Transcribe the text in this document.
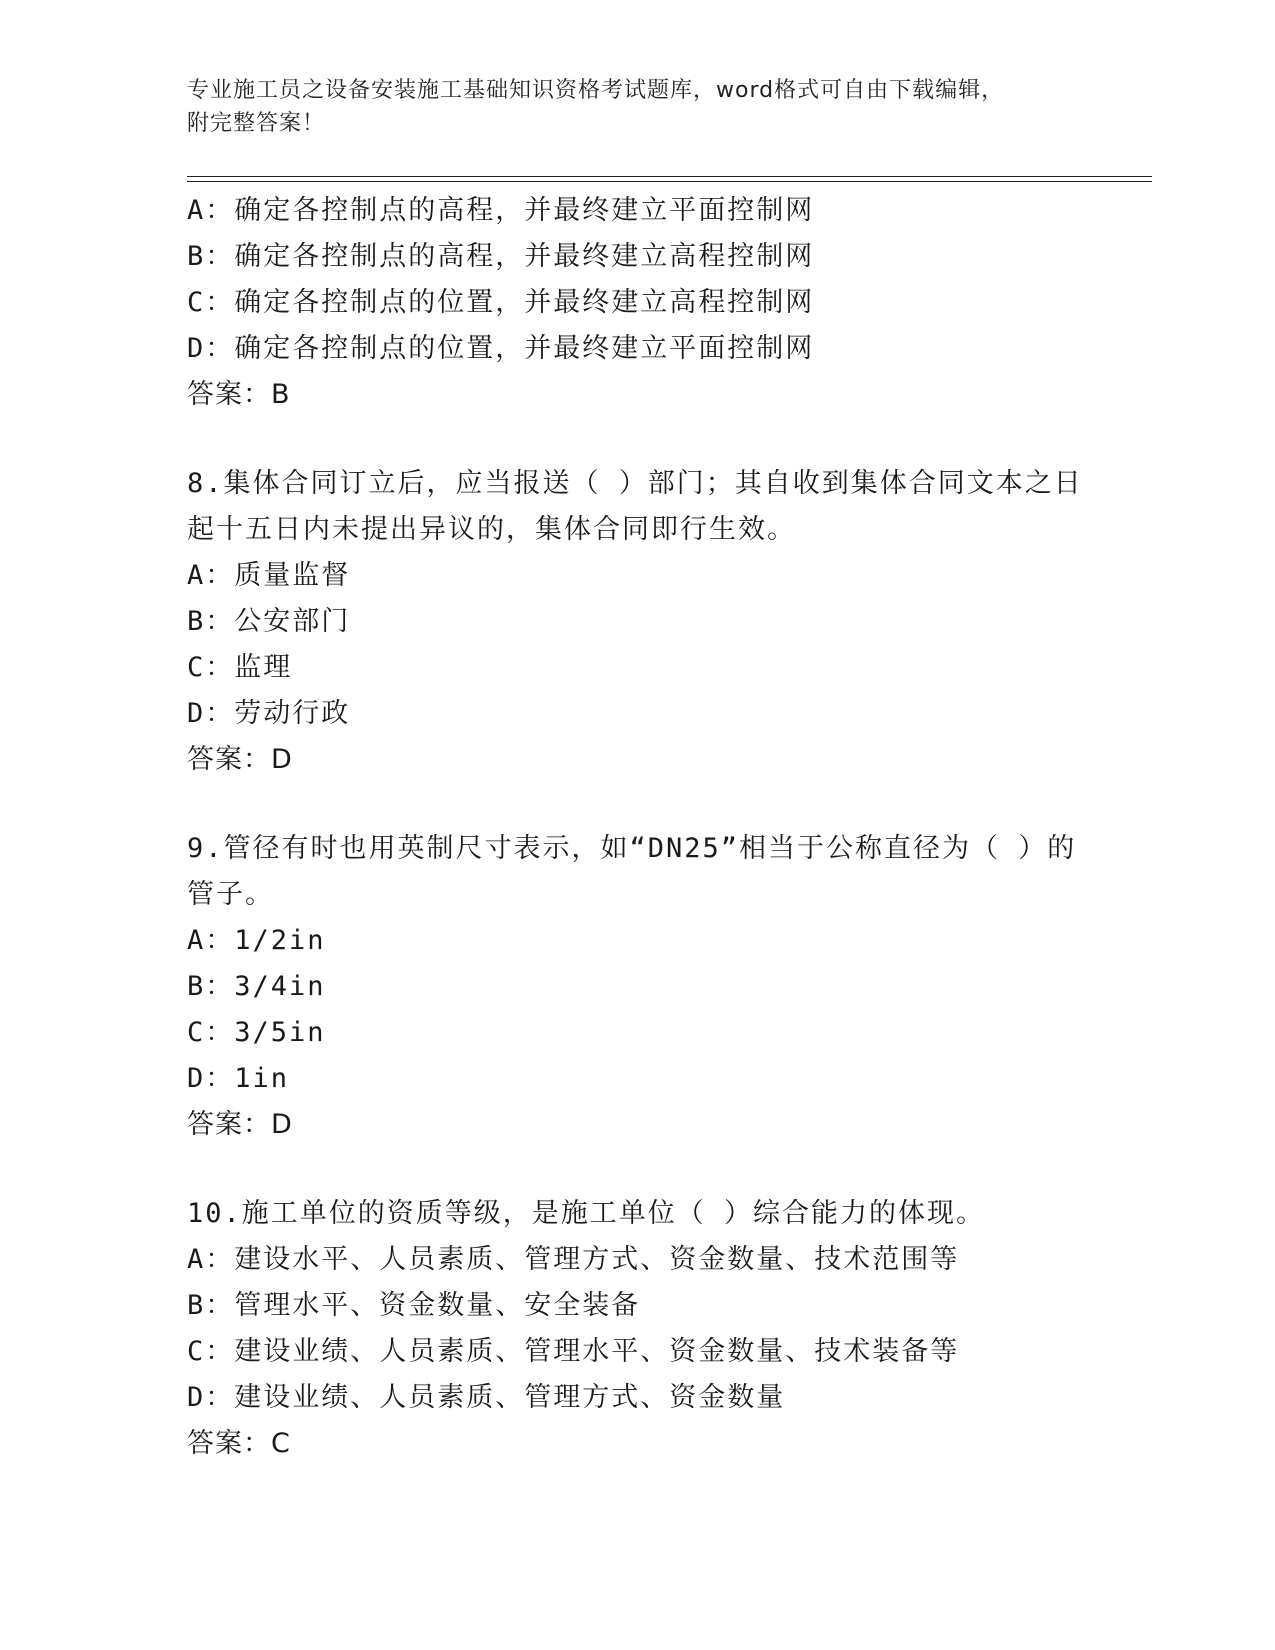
专业施工员之设备安装施工基础知识资格考试题库，word格式可自由下载编辑，
附完整答案！
A：确定各控制点的高程，并最终建立平面控制网
B：确定各控制点的高程，并最终建立高程控制网
C：确定各控制点的位置，并最终建立高程控制网
D：确定各控制点的位置，并最终建立平面控制网
答案：B
8.集体合同订立后，应当报送（ ）部门；其自收到集体合同文本之日
起十五日内未提出异议的，集体合同即行生效。
A：质量监督
B：公安部门
C：监理
D：劳动行政
答案：D
9.管径有时也用英制尺寸表示，如“DN25”相当于公称直径为（ ）的
管子。
A：1/2in
B：3/4in
C：3/5in
D：1in
答案：D
10.施工单位的资质等级，是施工单位（ ）综合能力的体现。
A：建设水平、人员素质、管理方式、资金数量、技术范围等
B：管理水平、资金数量、安全装备
C：建设业绩、人员素质、管理水平、资金数量、技术装备等
D：建设业绩、人员素质、管理方式、资金数量
答案：C
